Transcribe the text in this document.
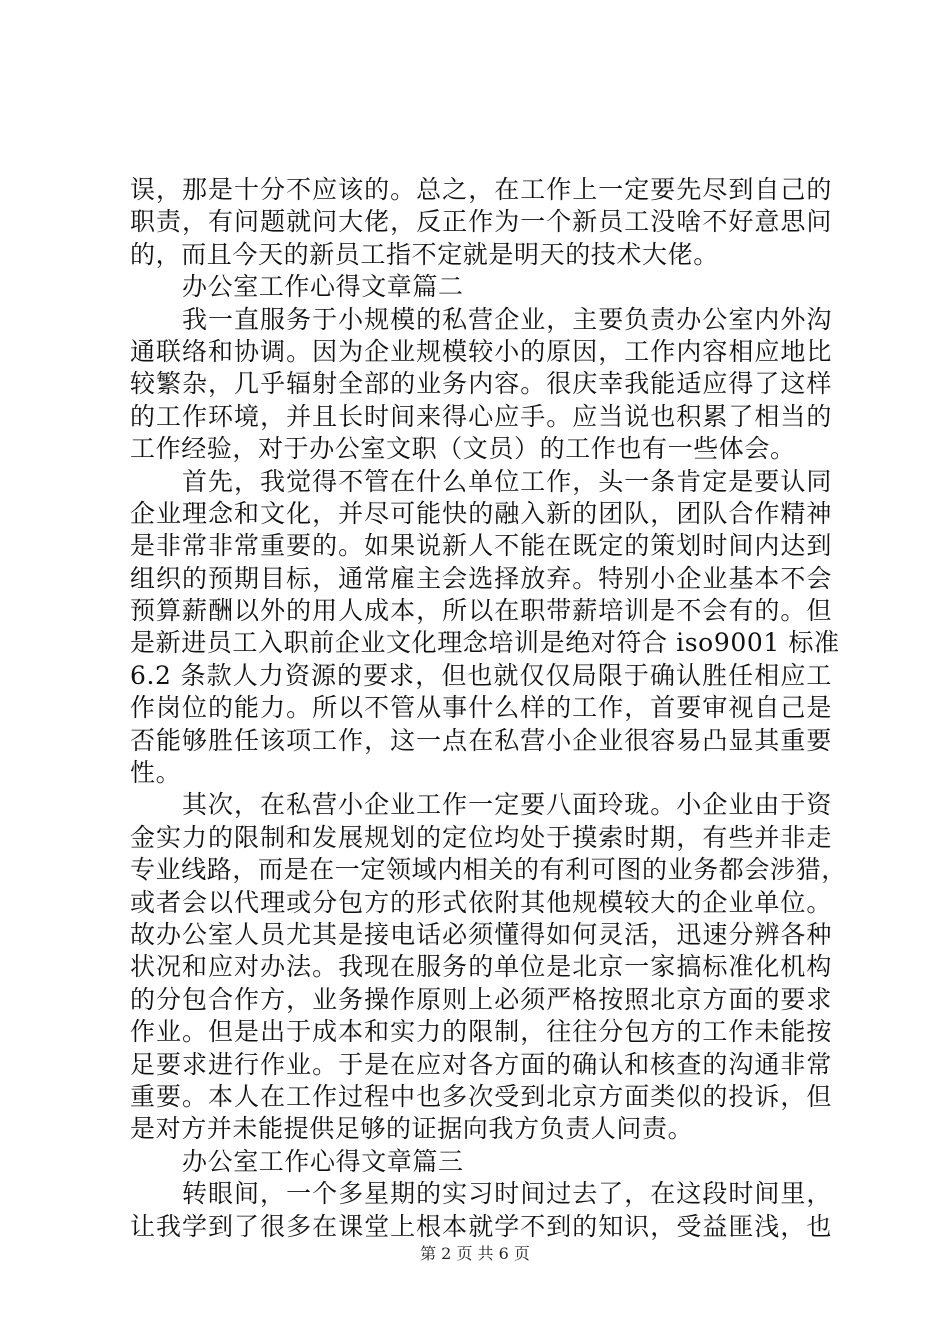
误，那是十分不应该的。总之，在工作上一定要先尽到自己的
职责，有问题就问大佬，反正作为一个新员工没啥不好意思问
的，而且今天的新员工指不定就是明天的技术大佬。
办公室工作心得文章篇二
我一直服务于小规模的私营企业，主要负责办公室内外沟
通联络和协调。因为企业规模较小的原因，工作内容相应地比
较繁杂，几乎辐射全部的业务内容。很庆幸我能适应得了这样
的工作环境，并且长时间来得心应手。应当说也积累了相当的
工作经验，对于办公室文职（文员）的工作也有一些体会。
首先，我觉得不管在什么单位工作，头一条肯定是要认同
企业理念和文化，并尽可能快的融入新的团队，团队合作精神
是非常非常重要的。如果说新人不能在既定的策划时间内达到
组织的预期目标，通常雇主会选择放弃。特别小企业基本不会
预算薪酬以外的用人成本，所以在职带薪培训是不会有的。但
是新进员工入职前企业文化理念培训是绝对符合 iso9001 标准
6.2 条款人力资源的要求，但也就仅仅局限于确认胜任相应工
作岗位的能力。所以不管从事什么样的工作，首要审视自己是
否能够胜任该项工作，这一点在私营小企业很容易凸显其重要
性。
其次，在私营小企业工作一定要八面玲珑。小企业由于资
金实力的限制和发展规划的定位均处于摸索时期，有些并非走
专业线路，而是在一定领域内相关的有利可图的业务都会涉猎，
或者会以代理或分包方的形式依附其他规模较大的企业单位。
故办公室人员尤其是接电话必须懂得如何灵活，迅速分辨各种
状况和应对办法。我现在服务的单位是北京一家搞标准化机构
的分包合作方，业务操作原则上必须严格按照北京方面的要求
作业。但是出于成本和实力的限制，往往分包方的工作未能按
足要求进行作业。于是在应对各方面的确认和核查的沟通非常
重要。本人在工作过程中也多次受到北京方面类似的投诉，但
是对方并未能提供足够的证据向我方负责人问责。
办公室工作心得文章篇三
转眼间，一个多星期的实习时间过去了，在这段时间里，
让我学到了很多在课堂上根本就学不到的知识，受益匪浅，也
第 2 页 共 6 页
